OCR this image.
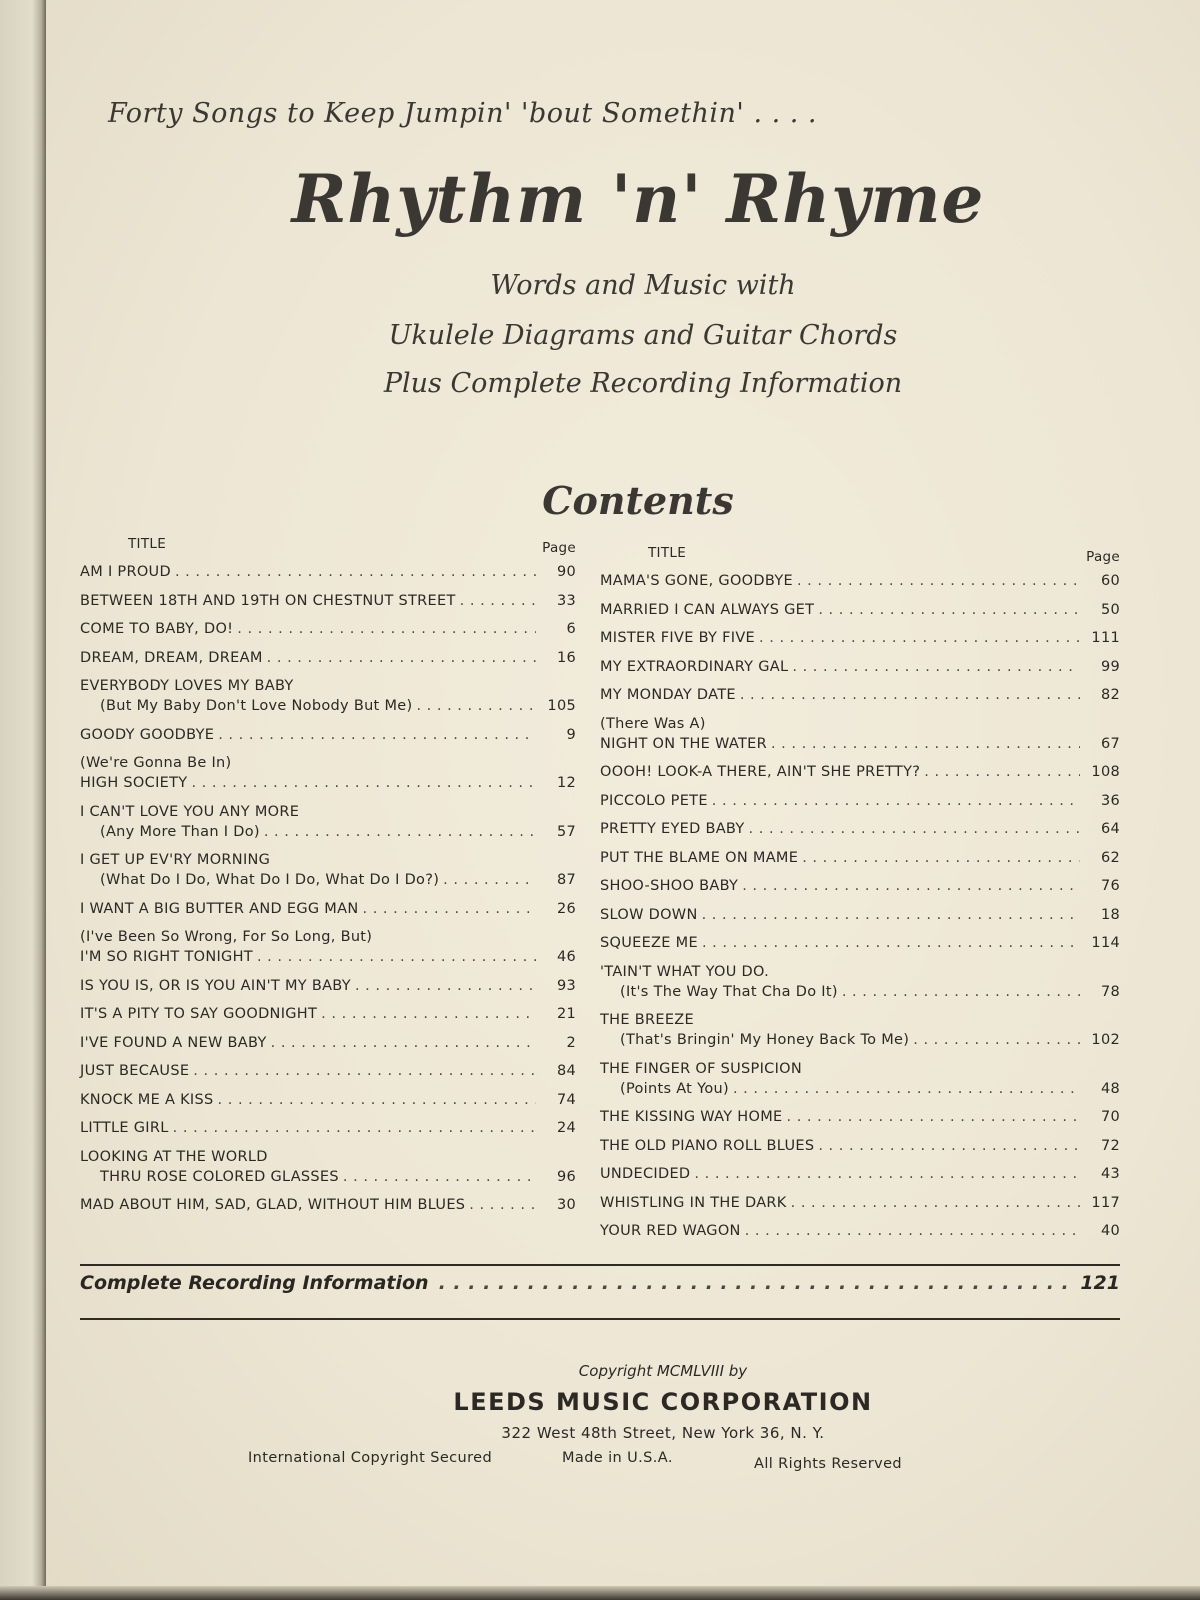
Forty Songs to Keep Jumpin' 'bout Somethin' . . . .
Rhythm 'n' Rhyme
Words and Music with
Ukulele Diagrams and Guitar Chords
Plus Complete Recording Information
Contents
TITLE	Page
AM I PROUD . . .	90
BETWEEN 18TH AND 19TH ON CHESTNUT STREET . . .	33
COME TO BABY, DO! . . .	6
DREAM, DREAM, DREAM . . .	16
EVERYBODY LOVES MY BABY
(But My Baby Don't Love Nobody But Me) . . .	105
GOODY GOODBYE . . .	9
(We're Gonna Be In)
HIGH SOCIETY . . .	12
I CAN'T LOVE YOU ANY MORE
(Any More Than I Do) . . .	57
I GET UP EV'RY MORNING
(What Do I Do, What Do I Do, What Do I Do?) . . .	87
I WANT A BIG BUTTER AND EGG MAN . . .	26
(I've Been So Wrong, For So Long, But)
I'M SO RIGHT TONIGHT . . .	46
IS YOU IS, OR IS YOU AIN'T MY BABY . . .	93
IT'S A PITY TO SAY GOODNIGHT . . .	21
I'VE FOUND A NEW BABY . . .	2
JUST BECAUSE . . .	84
KNOCK ME A KISS . . .	74
LITTLE GIRL . . .	24
LOOKING AT THE WORLD
THRU ROSE COLORED GLASSES . . .	96
MAD ABOUT HIM, SAD, GLAD, WITHOUT HIM BLUES . . .	30
TITLE	Page
MAMA'S GONE, GOODBYE . . .	60
MARRIED I CAN ALWAYS GET . . .	50
MISTER FIVE BY FIVE . . .	111
MY EXTRAORDINARY GAL . . .	99
MY MONDAY DATE . . .	82
(There Was A)
NIGHT ON THE WATER . . .	67
OOOH! LOOK-A THERE, AIN'T SHE PRETTY? . . .	108
PICCOLO PETE . . .	36
PRETTY EYED BABY . . .	64
PUT THE BLAME ON MAME . . .	62
SHOO-SHOO BABY . . .	76
SLOW DOWN . . .	18
SQUEEZE ME . . .	114
'TAIN'T WHAT YOU DO.
(It's The Way That Cha Do It) . . .	78
THE BREEZE
(That's Bringin' My Honey Back To Me) . . .	102
THE FINGER OF SUSPICION
(Points At You) . . .	48
THE KISSING WAY HOME . . .	70
THE OLD PIANO ROLL BLUES . . .	72
UNDECIDED . . .	43
WHISTLING IN THE DARK . . .	117
YOUR RED WAGON . . .	40
Complete Recording Information . . .	121
Copyright MCMLVIII by
LEEDS MUSIC CORPORATION
322 West 48th Street, New York 36, N. Y.
International Copyright Secured	Made in U.S.A.	All Rights Reserved
